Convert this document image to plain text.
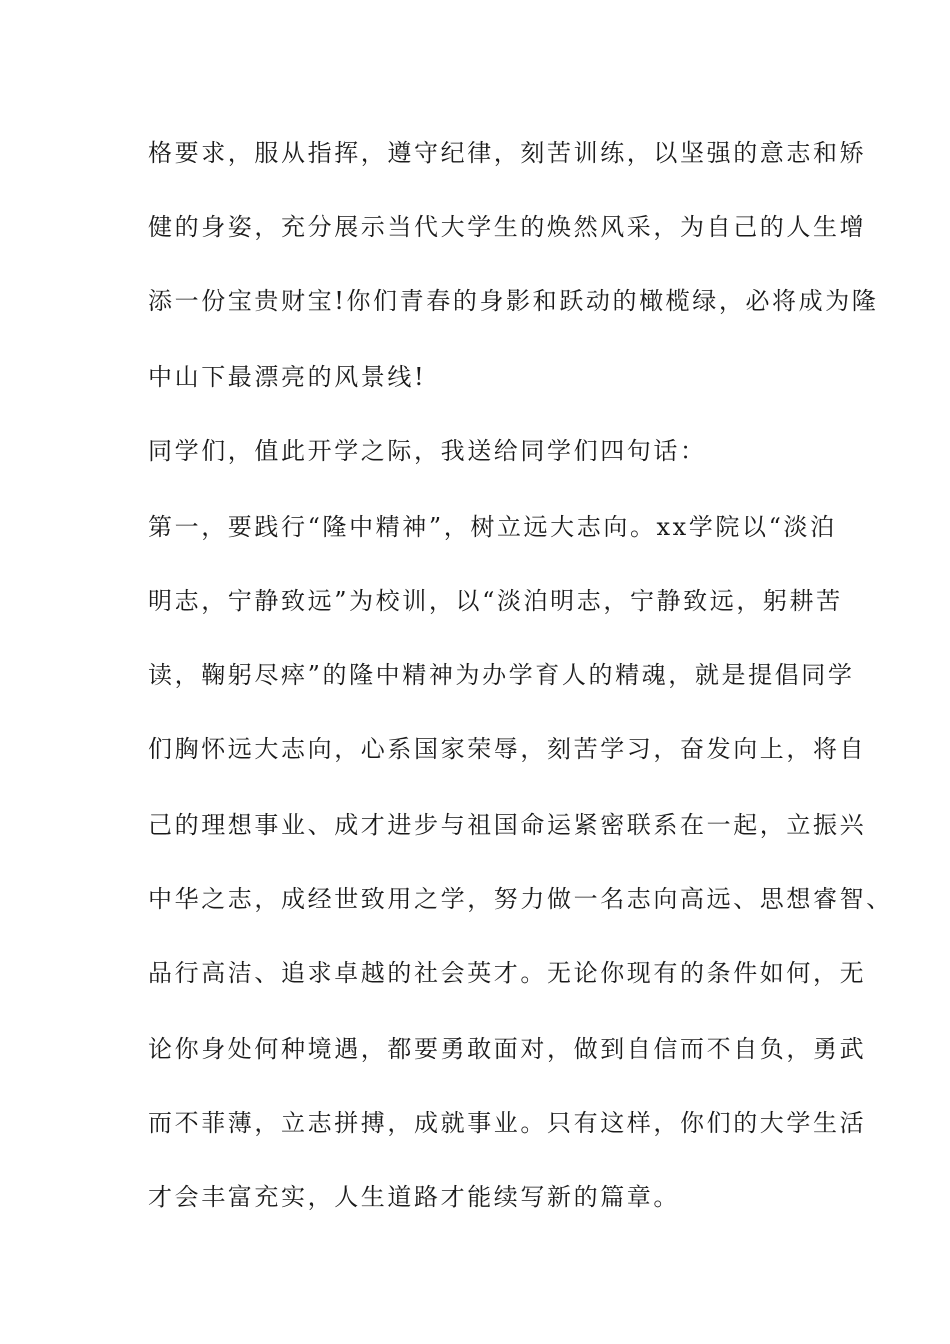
格要求，服从指挥，遵守纪律，刻苦训练，以坚强的意志和矫
健的身姿，充分展示当代大学生的焕然风采，为自己的人生增
添一份宝贵财宝!你们青春的身影和跃动的橄榄绿，必将成为隆
中山下最漂亮的风景线!
同学们，值此开学之际，我送给同学们四句话：
第一，要践行“隆中精神”，树立远大志向。xx学院以“淡泊
明志，宁静致远”为校训，以“淡泊明志，宁静致远，躬耕苦
读，鞠躬尽瘁”的隆中精神为办学育人的精魂，就是提倡同学
们胸怀远大志向，心系国家荣辱，刻苦学习，奋发向上，将自
己的理想事业、成才进步与祖国命运紧密联系在一起，立振兴
中华之志，成经世致用之学，努力做一名志向高远、思想睿智、
品行高洁、追求卓越的社会英才。无论你现有的条件如何，无
论你身处何种境遇，都要勇敢面对，做到自信而不自负，勇武
而不菲薄，立志拼搏，成就事业。只有这样，你们的大学生活
才会丰富充实，人生道路才能续写新的篇章。
